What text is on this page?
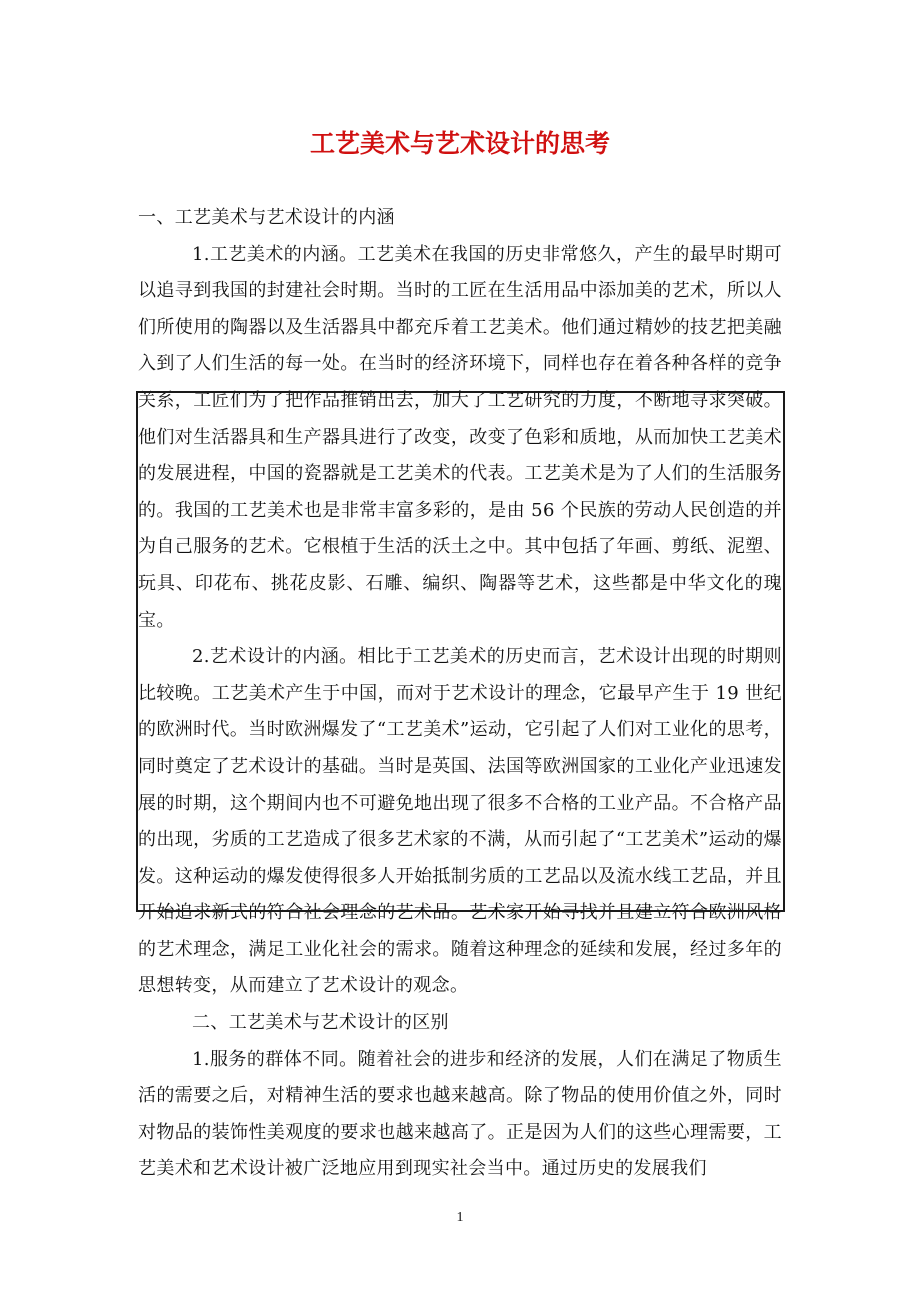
工艺美术与艺术设计的思考

一、工艺美术与艺术设计的内涵

1.工艺美术的内涵。工艺美术在我国的历史非常悠久，产生的最早时期可以追寻到我国的封建社会时期。当时的工匠在生活用品中添加美的艺术，所以人们所使用的陶器以及生活器具中都充斥着工艺美术。他们通过精妙的技艺把美融入到了人们生活的每一处。在当时的经济环境下，同样也存在着各种各样的竞争关系，工匠们为了把作品推销出去，加大了工艺研究的力度，不断地寻求突破。他们对生活器具和生产器具进行了改变，改变了色彩和质地，从而加快工艺美术的发展进程，中国的瓷器就是工艺美术的代表。工艺美术是为了人们的生活服务的。我国的工艺美术也是非常丰富多彩的，是由 56 个民族的劳动人民创造的并为自己服务的艺术。它根植于生活的沃土之中。其中包括了年画、剪纸、泥塑、玩具、印花布、挑花皮影、石雕、编织、陶器等艺术，这些都是中华文化的瑰宝。

2.艺术设计的内涵。相比于工艺美术的历史而言，艺术设计出现的时期则比较晚。工艺美术产生于中国，而对于艺术设计的理念，它最早产生于 19 世纪的欧洲时代。当时欧洲爆发了“工艺美术”运动，它引起了人们对工业化的思考，同时奠定了艺术设计的基础。当时是英国、法国等欧洲国家的工业化产业迅速发展的时期，这个期间内也不可避免地出现了很多不合格的工业产品。不合格产品的出现，劣质的工艺造成了很多艺术家的不满，从而引起了“工艺美术”运动的爆发。这种运动的爆发使得很多人开始抵制劣质的工艺品以及流水线工艺品，并且开始追求新式的符合社会理念的艺术品。艺术家开始寻找并且建立符合欧洲风格的艺术理念，满足工业化社会的需求。随着这种理念的延续和发展，经过多年的思想转变，从而建立了艺术设计的观念。

二、工艺美术与艺术设计的区别

1.服务的群体不同。随着社会的进步和经济的发展，人们在满足了物质生活的需要之后，对精神生活的要求也越来越高。除了物品的使用价值之外，同时对物品的装饰性美观度的要求也越来越高了。正是因为人们的这些心理需要，工艺美术和艺术设计被广泛地应用到现实社会当中。通过历史的发展我们

1
